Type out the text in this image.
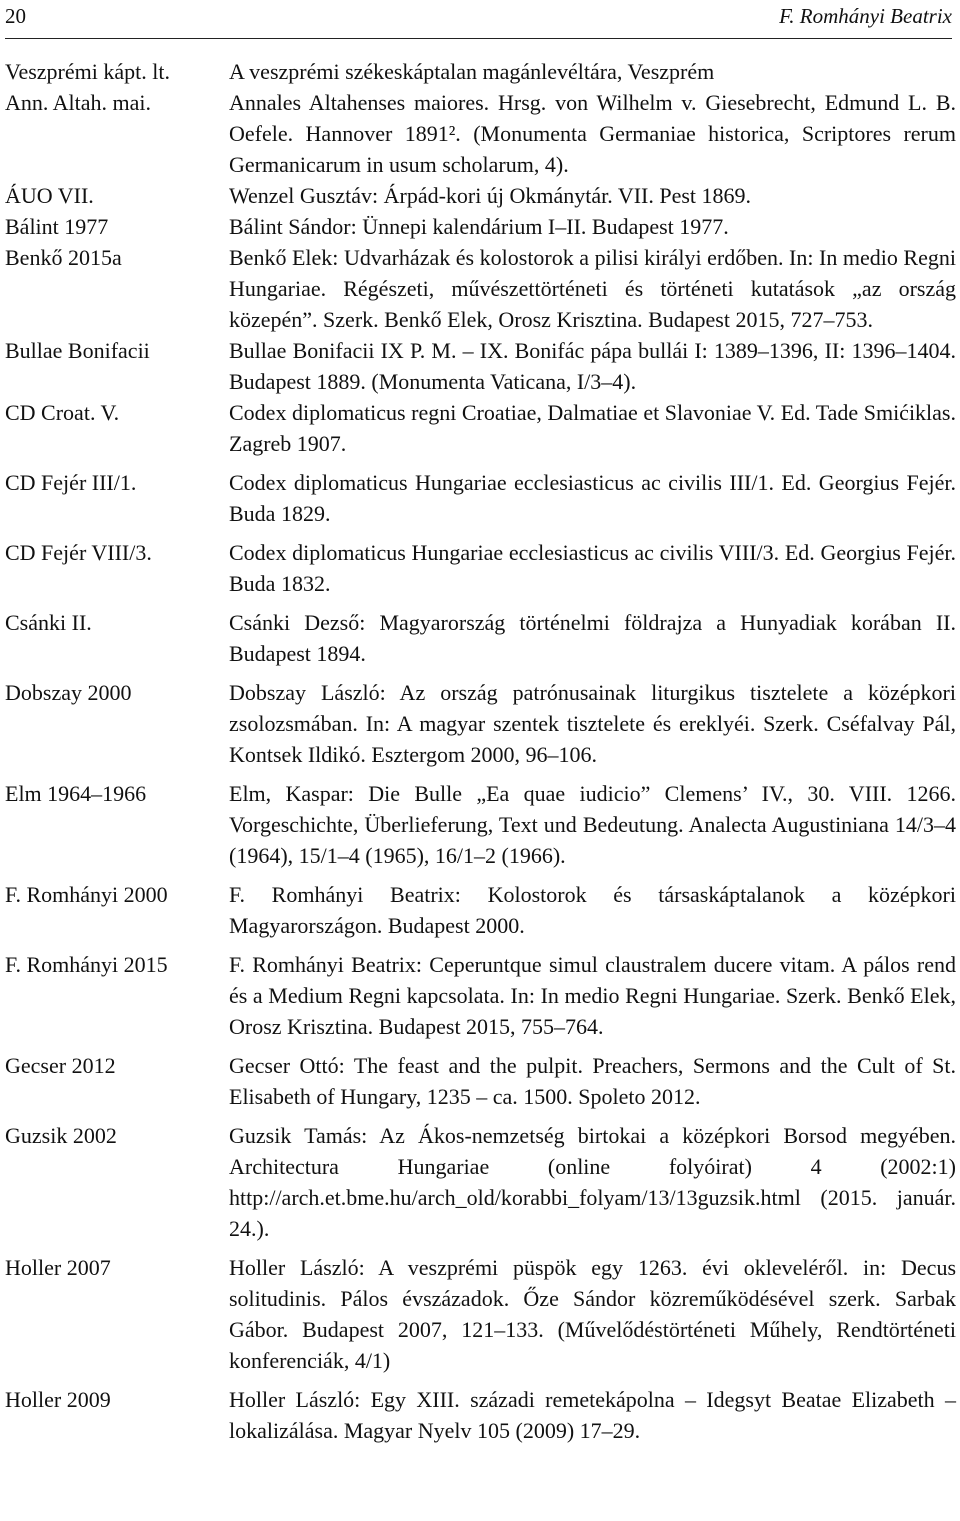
20	F. Romhányi Beatrix
Veszprémi kápt. lt.	A veszprémi székeskáptalan magánlevéltára, Veszprém
Ann. Altah. mai.	Annales Altahenses maiores. Hrsg. von Wilhelm v. Giesebrecht, Edmund L. B. Oefele. Hannover 1891². (Monumenta Germaniae historica, Scriptores rerum Germanicarum in usum scholarum, 4).
ÁUO VII.	Wenzel Gusztáv: Árpád-kori új Okmánytár. VII. Pest 1869.
Bálint 1977	Bálint Sándor: Ünnepi kalendárium I–II. Budapest 1977.
Benkő 2015a	Benkő Elek: Udvarházak és kolostorok a pilisi királyi erdőben. In: In medio Regni Hungariae. Régészeti, művészettörténeti és történeti kutatások „az ország közepén”. Szerk. Benkő Elek, Orosz Krisztina. Budapest 2015, 727–753.
Bullae Bonifacii	Bullae Bonifacii IX P. M. – IX. Bonifác pápa bullái I: 1389–1396, II: 1396–1404. Budapest 1889. (Monumenta Vaticana, I/3–4).
CD Croat. V.	Codex diplomaticus regni Croatiae, Dalmatiae et Slavoniae V. Ed. Tade Smićiklas. Zagreb 1907.
CD Fejér III/1.	Codex diplomaticus Hungariae ecclesiasticus ac civilis III/1. Ed. Georgius Fejér. Buda 1829.
CD Fejér VIII/3.	Codex diplomaticus Hungariae ecclesiasticus ac civilis VIII/3. Ed. Georgius Fejér. Buda 1832.
Csánki II.	Csánki Dezső: Magyarország történelmi földrajza a Hunyadiak korában II. Budapest 1894.
Dobszay 2000	Dobszay László: Az ország patrónusainak liturgikus tisztelete a középkori zsolozsmában. In: A magyar szentek tisztelete és ereklyéi. Szerk. Cséfalvay Pál, Kontsek Ildikó. Esztergom 2000, 96–106.
Elm 1964–1966	Elm, Kaspar: Die Bulle „Ea quae iudicio” Clemens’ IV., 30. VIII. 1266. Vorgeschichte, Überlieferung, Text und Bedeutung. Analecta Augustiniana 14/3–4 (1964), 15/1–4 (1965), 16/1–2 (1966).
F. Romhányi 2000	F. Romhányi Beatrix: Kolostorok és társaskáptalanok a középkori Magyarországon. Budapest 2000.
F. Romhányi 2015	F. Romhányi Beatrix: Ceperuntque simul claustralem ducere vitam. A pálos rend és a Medium Regni kapcsolata. In: In medio Regni Hungariae. Szerk. Benkő Elek, Orosz Krisztina. Budapest 2015, 755–764.
Gecser 2012	Gecser Ottó: The feast and the pulpit. Preachers, Sermons and the Cult of St. Elisabeth of Hungary, 1235 – ca. 1500. Spoleto 2012.
Guzsik 2002	Guzsik Tamás: Az Ákos-nemzetség birtokai a középkori Borsod megyében. Architectura Hungariae (online folyóirat) 4 (2002:1) http://arch.et.bme.hu/arch_old/korabbi_folyam/13/13guzsik.html (2015. január. 24.).
Holler 2007	Holler László: A veszprémi püspök egy 1263. évi okleveléről. in: Decus solitudinis. Pálos évszázadok. Őze Sándor közreműködésével szerk. Sarbak Gábor. Budapest 2007, 121–133. (Művelődéstörténeti Műhely, Rendtörténeti konferenciák, 4/1)
Holler 2009	Holler László: Egy XIII. századi remetekápolna – Idegsyt Beatae Elizabeth – lokalizálása. Magyar Nyelv 105 (2009) 17–29.
